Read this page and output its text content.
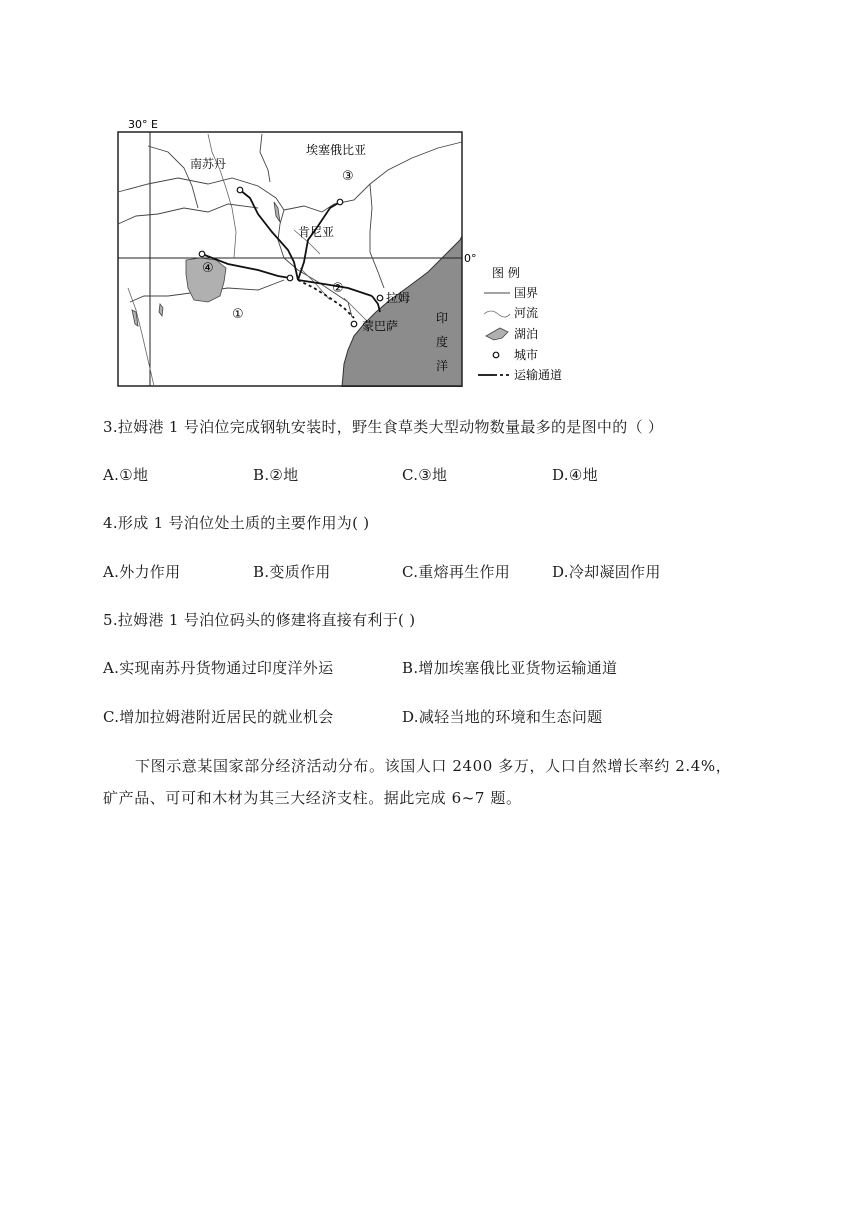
30° E
0°
南苏丹
埃塞俄比亚
肯尼亚
拉姆
蒙巴萨
印
度
洋
①
②
③
④	图 例
国界
河流
湖泊
城市
运输通道
3.拉姆港 1 号泊位完成钢轨安装时，野生食草类大型动物数量最多的是图中的（ ）
A.①地	B.②地	C.③地	D.④地
4.形成 1 号泊位处土质的主要作用为( )
A.外力作用	B.变质作用	C.重熔再生作用	D.冷却凝固作用
5.拉姆港 1 号泊位码头的修建将直接有利于( )
A.实现南苏丹货物通过印度洋外运	B.增加埃塞俄比亚货物运输通道
C.增加拉姆港附近居民的就业机会	D.减轻当地的环境和生态问题
下图示意某国家部分经济活动分布。该国人口 2400 多万，人口自然增长率约 2.4%，
矿产品、可可和木材为其三大经济支柱。据此完成 6~7 题。
